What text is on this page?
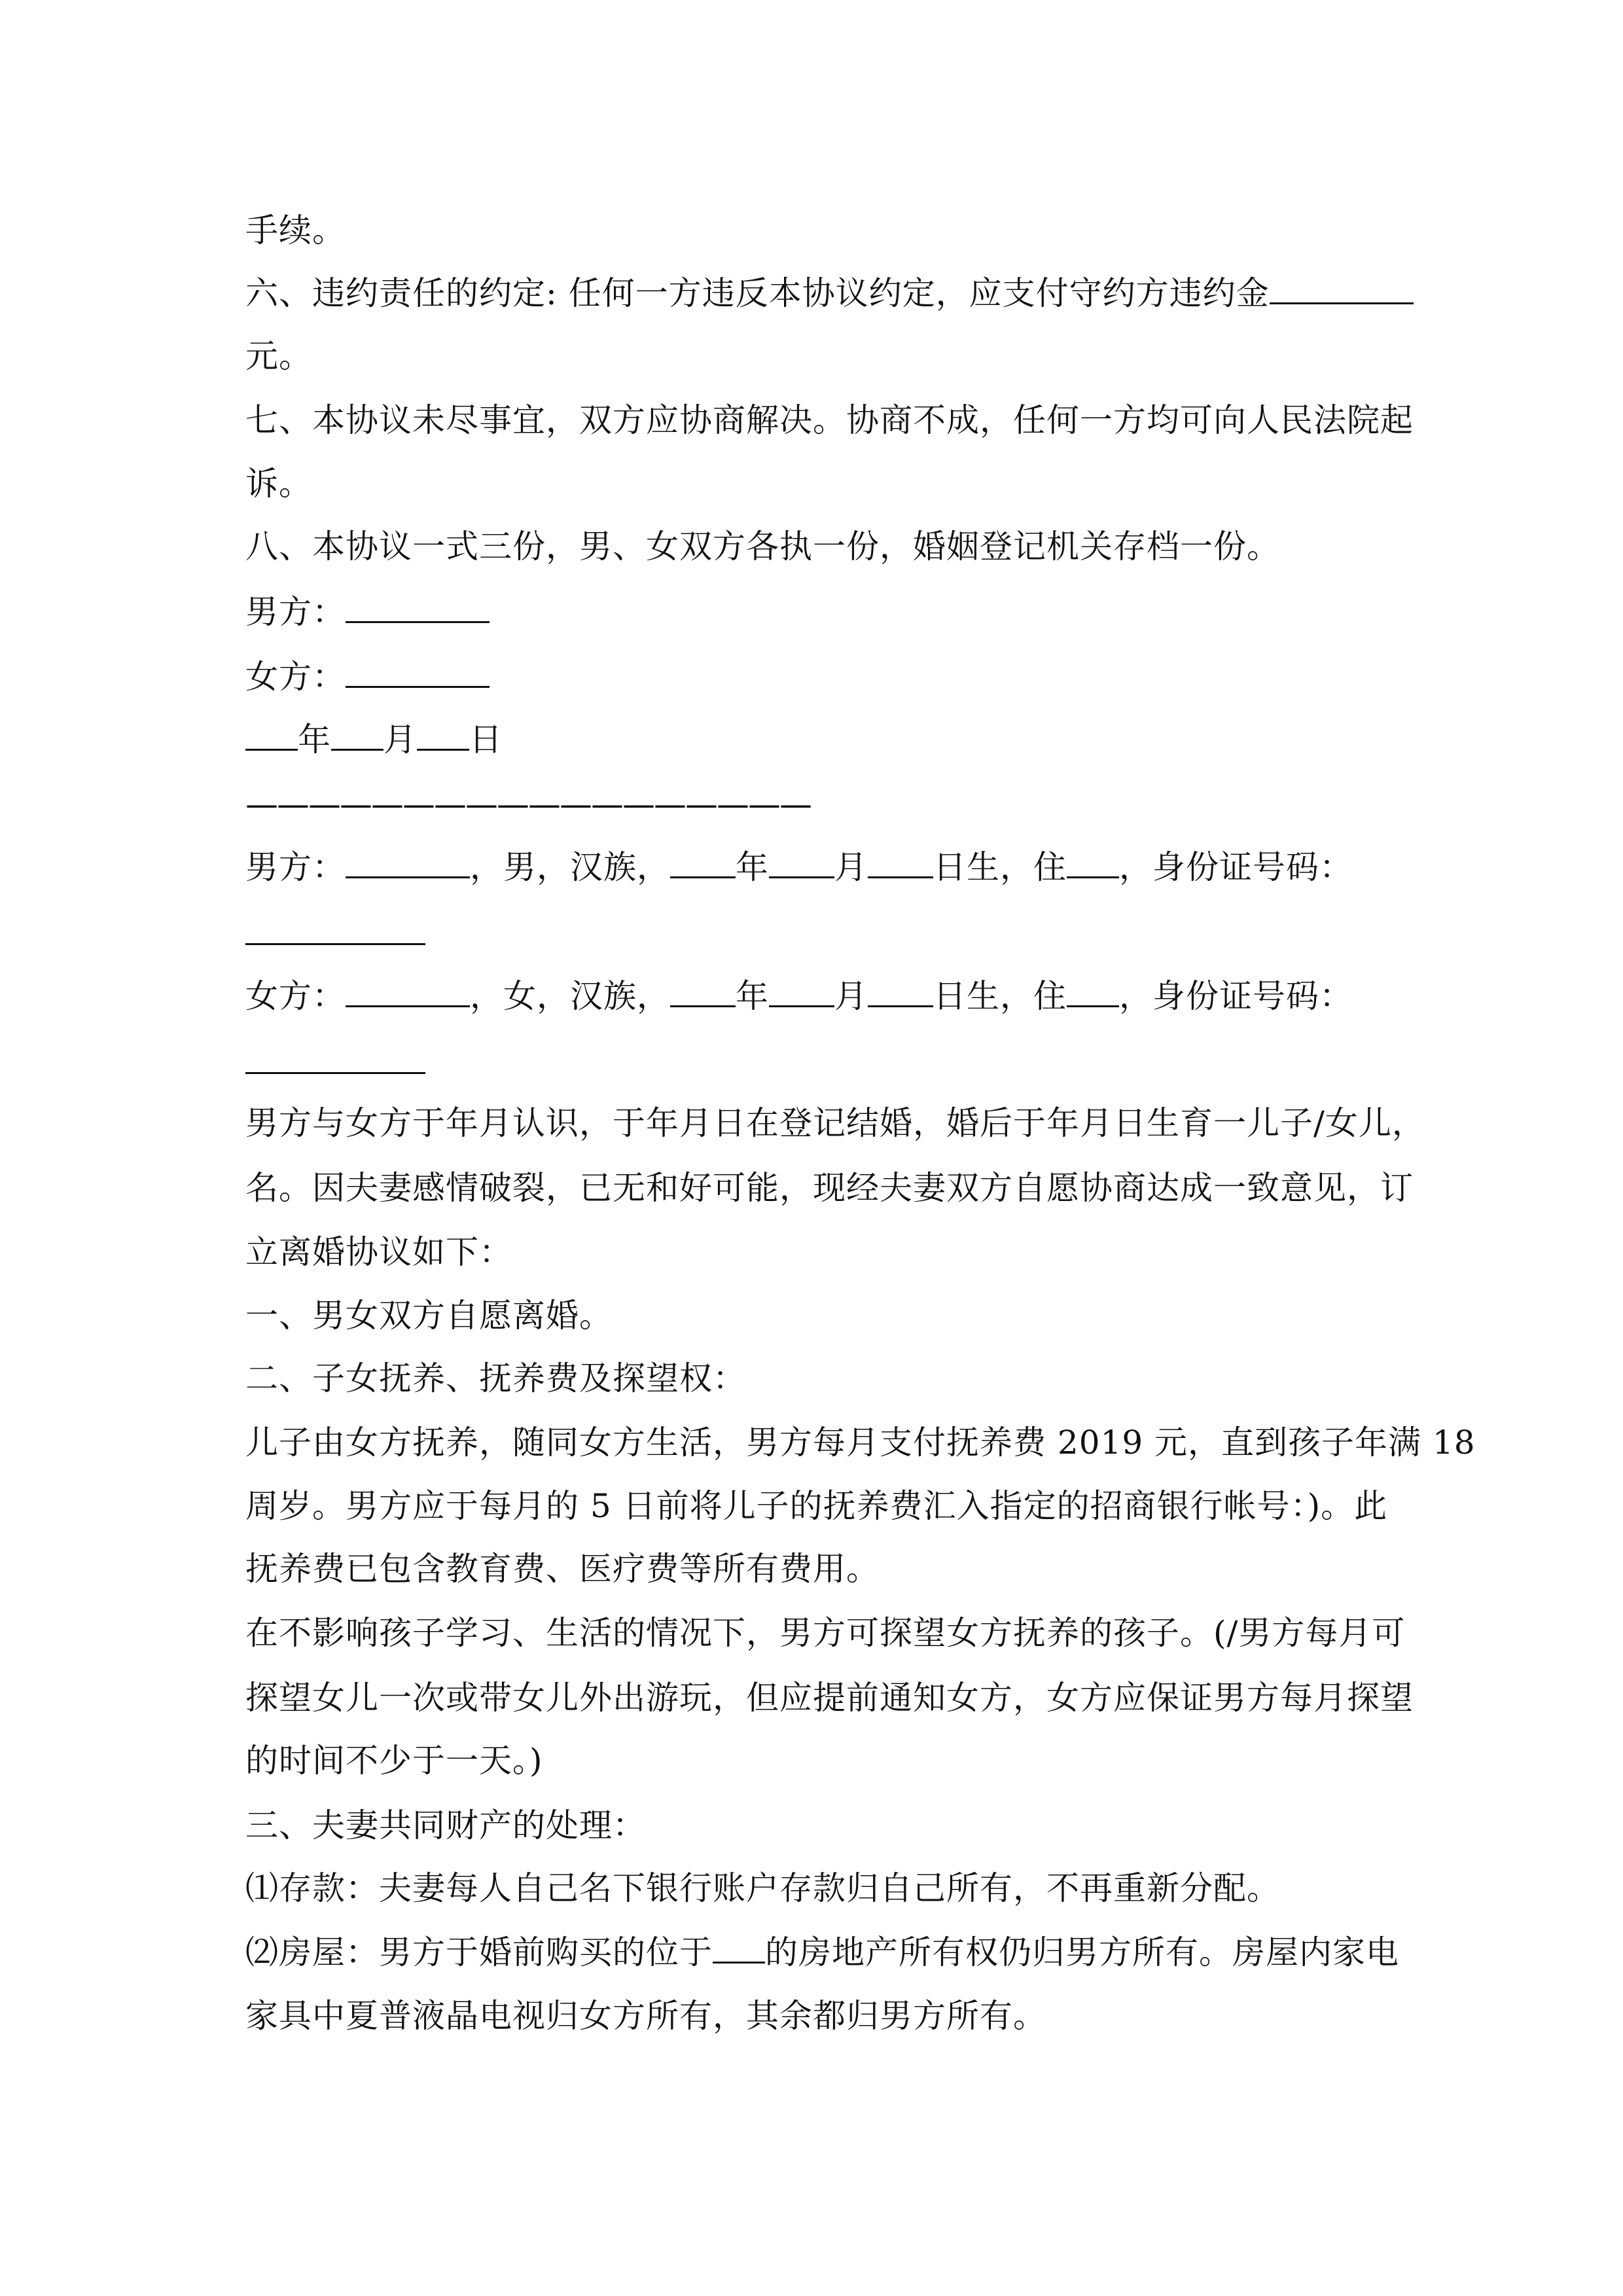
手续。
六、违约责任的约定: 任何一方违反本协议约定，应支付守约方违约金
元。
七、本协议未尽事宜，双方应协商解决。协商不成，任何一方均可向人民法院起
诉。
八、本协议一式三份，男、女双方各执一份，婚姻登记机关存档一份。
男方：
女方：
年 月 日
——————————————————
男方：	，男，汉族， 年 月 日生，住 ，身份证号码：
女方：	，女，汉族， 年 月 日生，住 ，身份证号码：
男方与女方于年月认识，于年月日在登记结婚，婚后于年月日生育一儿子/女儿，
名。因夫妻感情破裂，已无和好可能，现经夫妻双方自愿协商达成一致意见，订
立离婚协议如下：
一、男女双方自愿离婚。
二、子女抚养、抚养费及探望权：
儿子由女方抚养，随同女方生活，男方每月支付抚养费 2019 元，直到孩子年满 18
周岁。男方应于每月的 5 日前将儿子的抚养费汇入指定的招商银行帐号：)。此
抚养费已包含教育费、医疗费等所有费用。
在不影响孩子学习、生活的情况下，男方可探望女方抚养的孩子。(/男方每月可
探望女儿一次或带女儿外出游玩，但应提前通知女方，女方应保证男方每月探望
的时间不少于一天。)
三、夫妻共同财产的处理：
⑴存款：夫妻每人自己名下银行账户存款归自己所有，不再重新分配。
⑵房屋：男方于婚前购买的位于 的房地产所有权仍归男方所有。房屋内家电
家具中夏普液晶电视归女方所有，其余都归男方所有。
